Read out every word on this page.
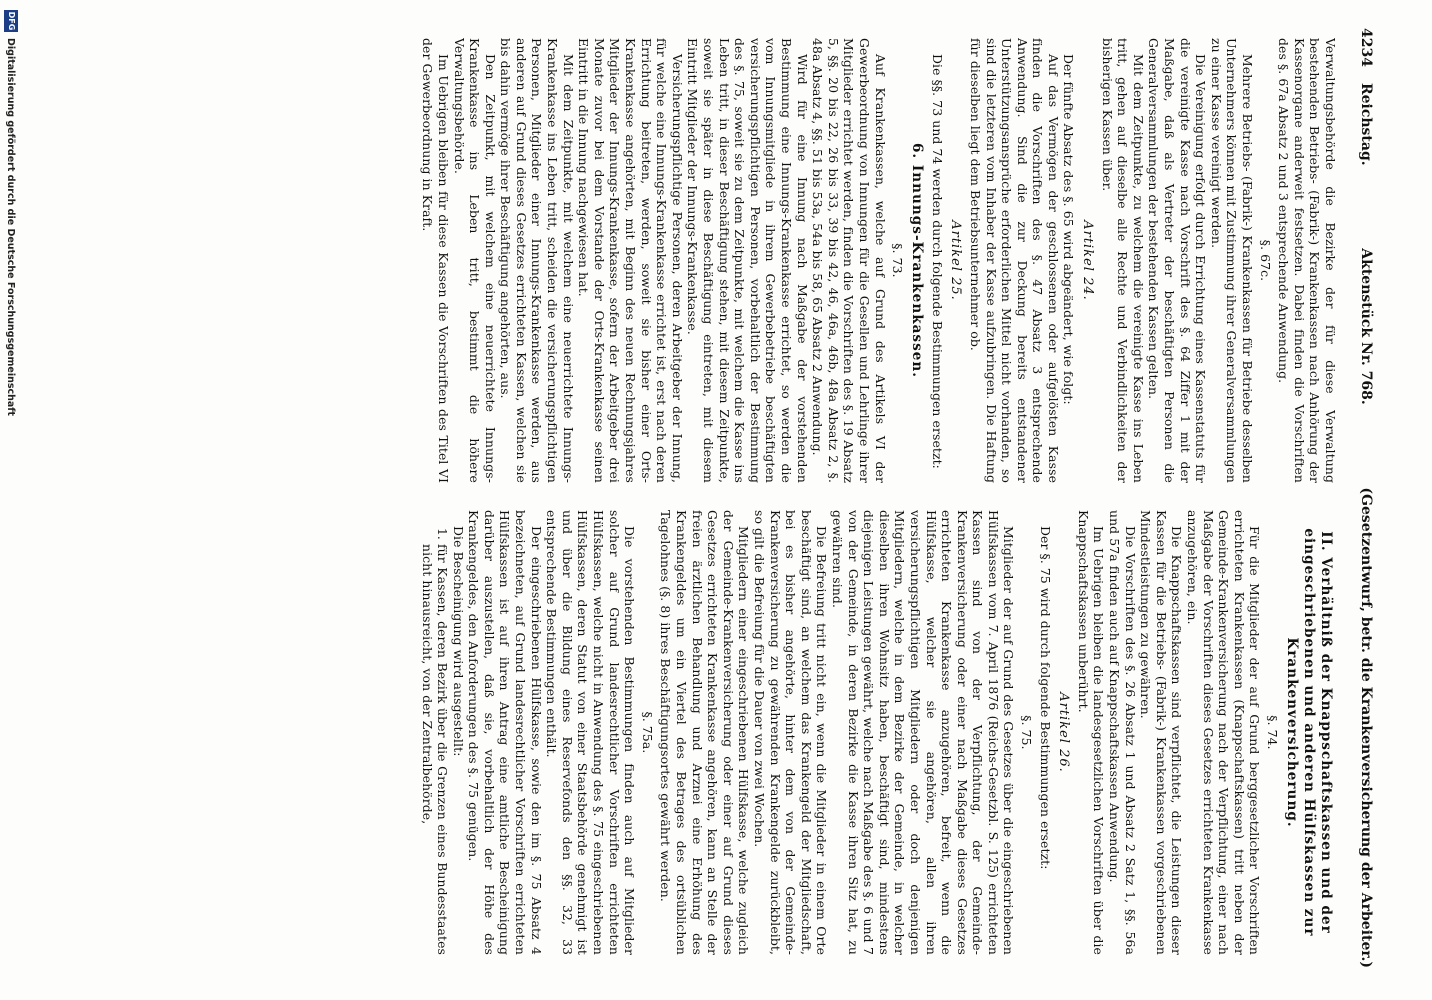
4234
Reichstag.
Aktenstück Nr. 768.
(Gesetzentwurf, betr. die Krankenversicherung der Arbeiter.)

Verwaltungsbehörde die Bezirke der für diese Verwaltung bestehenden Betriebs- (Fabrik-) Krankenkassen nach Anhörung der Kassenorgane anderweit festsetzen. Dabei finden die Vorschriften des §. 67a Absatz 2 und 3 entsprechende Anwendung.

§. 67c.

Mehrere Betriebs- (Fabrik-) Krankenkassen für Betriebe desselben Unternehmers können mit Zustimmung ihrer Generalversammlungen zu einer Kasse vereinigt werden.

Die Vereinigung erfolgt durch Errichtung eines Kassenstatuts für die vereinigte Kasse nach Vorschrift des §. 64 Ziffer 1 mit der Maßgabe, daß als Vertreter der beschäftigten Personen die Generalversammlungen der bestehenden Kassen gelten.

Mit dem Zeitpunkte, zu welchem die vereinigte Kasse ins Leben tritt, gehen auf dieselbe alle Rechte und Verbindlichkeiten der bisherigen Kassen über.

Artikel 24.

Der fünfte Absatz des §. 65 wird abgeändert, wie folgt:

Auf das Vermögen der geschlossenen oder aufgelösten Kasse finden die Vorschriften des §. 47 Absatz 3 entsprechende Anwendung. Sind die zur Deckung bereits entstandener Unterstützungsansprüche erforderlichen Mittel nicht vorhanden, so sind die letzteren vom Inhaber der Kasse aufzubringen. Die Haftung für dieselben liegt dem Betriebsunternehmer ob.

Artikel 25.

Die §§. 73 und 74 werden durch folgende Bestimmungen ersetzt:

6. Innungs-Krankenkassen.
§. 73.

Auf Krankenkassen, welche auf Grund des Artikels VI der Gewerbeordnung von Innungen für die Gesellen und Lehrlinge ihrer Mitglieder errichtet werden, finden die Vorschriften des §. 19 Absatz 5, §§. 20 bis 22, 26 bis 33, 39 bis 42, 46, 46a, 46b, 48a Absatz 2, §. 48a Absatz 4, §§. 51 bis 53a, 54a bis 58, 65 Absatz 2 Anwendung.

Wird für eine Innung nach Maßgabe der vorstehenden Bestimmung eine Innungs-Krankenkasse errichtet, so werden die vom Innungsmitgliede in ihrem Gewerbebetriebe beschäftigten versicherungspflichtigen Personen, vorbehaltlich der Bestimmung des §. 75, soweit sie zu dem Zeitpunkte, mit welchem die Kasse ins Leben tritt, in dieser Beschäftigung stehen, mit diesem Zeitpunkte, soweit sie später in diese Beschäftigung eintreten, mit diesem Eintritt Mitglieder der Innungs-Krankenkasse.

Versicherungspflichtige Personen, deren Arbeitgeber der Innung, für welche eine Innungs-Krankenkasse errichtet ist, erst nach deren Errichtung beitreten, werden, soweit sie bisher einer Orts-Krankenkasse angehörten, mit Beginn des neuen Rechnungsjahres Mitglieder der Innungs-Krankenkasse, sofern der Arbeitgeber drei Monate zuvor bei dem Vorstande der Orts-Krankenkasse seinen Eintritt in die Innung nachgewiesen hat.

Mit dem Zeitpunkte, mit welchem eine neuerrichtete Innungs-Krankenkasse ins Leben tritt, scheiden die versicherungspflichtigen Personen, Mitglieder einer Innungs-Krankenkasse werden, aus anderen auf Grund dieses Gesetzes errichteten Kassen, welchen sie bis dahin vermöge ihrer Beschäftigung angehörten, aus.

Den Zeitpunkt, mit welchem eine neuerrichtete Innungs-Krankenkasse ins Leben tritt, bestimmt die höhere Verwaltungsbehörde.

Im Uebrigen bleiben für diese Kassen die Vorschriften des Titel VI der Gewerbeordnung in Kraft.

II. Verhältniß der Knappschaftskassen und der eingeschriebenen und anderen Hülfskassen zur Krankenversicherung.
§. 74.

Für die Mitglieder der auf Grund berggesetzlicher Vorschriften errichteten Krankenkassen (Knappschaftskassen) tritt neben der Gemeinde-Krankenversicherung nach der Verpflichtung, einer nach Maßgabe der Vorschriften dieses Gesetzes errichteten Krankenkasse anzugehören, ein.

Die Knappschaftskassen sind verpflichtet, die Leistungen dieser Kassen für die Betriebs- (Fabrik-) Krankenkassen vorgeschriebenen Mindestleistungen zu gewähren.

Die Vorschriften des §. 26 Absatz 1 und Absatz 2 Satz 1, §§. 56a und 57a finden auch auf Knappschaftskassen Anwendung.

Im Uebrigen bleiben die landesgesetzlichen Vorschriften über die Knappschaftskassen unberührt.

Artikel 26.

Der §. 75 wird durch folgende Bestimmungen ersetzt:

§. 75.

Mitglieder der auf Grund des Gesetzes über die eingeschriebenen Hülfskassen vom 7. April 1876 (Reichs-Gesetzbl. S. 125) errichteten Kassen sind von der Verpflichtung, der Gemeinde-Krankenversicherung oder einer nach Maßgabe dieses Gesetzes errichteten Krankenkasse anzugehören, befreit, wenn die Hülfskasse, welcher sie angehören, allen ihren versicherungspflichtigen Mitgliedern oder doch denjenigen Mitgliedern, welche in dem Bezirke der Gemeinde, in welcher dieselben ihren Wohnsitz haben, beschäftigt sind, mindestens diejenigen Leistungen gewährt, welche nach Maßgabe des §. 6 und 7 von der Gemeinde, in deren Bezirke die Kasse ihren Sitz hat, zu gewähren sind.

Die Befreiung tritt nicht ein, wenn die Mitglieder in einem Orte beschäftigt sind, an welchem das Krankengeld der Mitgliedschaft, bei es bisher angehörte, hinter dem von der Gemeinde-Krankenversicherung zu gewährenden Krankengelde zurückbleibt, so gilt die Befreiung für die Dauer von zwei Wochen.

Mitgliedern einer eingeschriebenen Hülfskasse, welche zugleich der Gemeinde-Krankenversicherung oder einer auf Grund dieses Gesetzes errichteten Krankenkasse angehören, kann an Stelle der freien ärztlichen Behandlung und Arznei eine Erhöhung des Krankengeldes um ein Viertel des Betrages des ortsüblichen Tagelohnes (§. 8) ihres Beschäftigungsortes gewährt werden.

§. 75a.

Die vorstehenden Bestimmungen finden auch auf Mitglieder solcher auf Grund landesrechtlicher Vorschriften errichteten Hülfskassen, welche nicht in Anwendung des §. 75 eingeschriebenen Hülfskassen, deren Statut von einer Staatsbehörde genehmigt ist und über die Bildung eines Reservefonds den §§. 32, 33 entsprechende Bestimmungen enthält.

Der eingeschriebenen Hülfskasse, sowie den im §. 75 Absatz 4 bezeichneten, auf Grund landesrechtlicher Vorschriften errichteten Hülfskassen ist auf ihren Antrag eine amtliche Bescheinigung darüber auszustellen, daß sie, vorbehaltlich der Höhe des Krankengeldes, den Anforderungen des §. 75 genügen.

Die Bescheinigung wird ausgestellt:

1. für Kassen, deren Bezirk über die Grenzen eines Bundesstaates nicht hinausreicht, von der Zentralbehörde,
DFG
Digitalisierung gefördert durch die Deutsche Forschungsgemeinschaft
